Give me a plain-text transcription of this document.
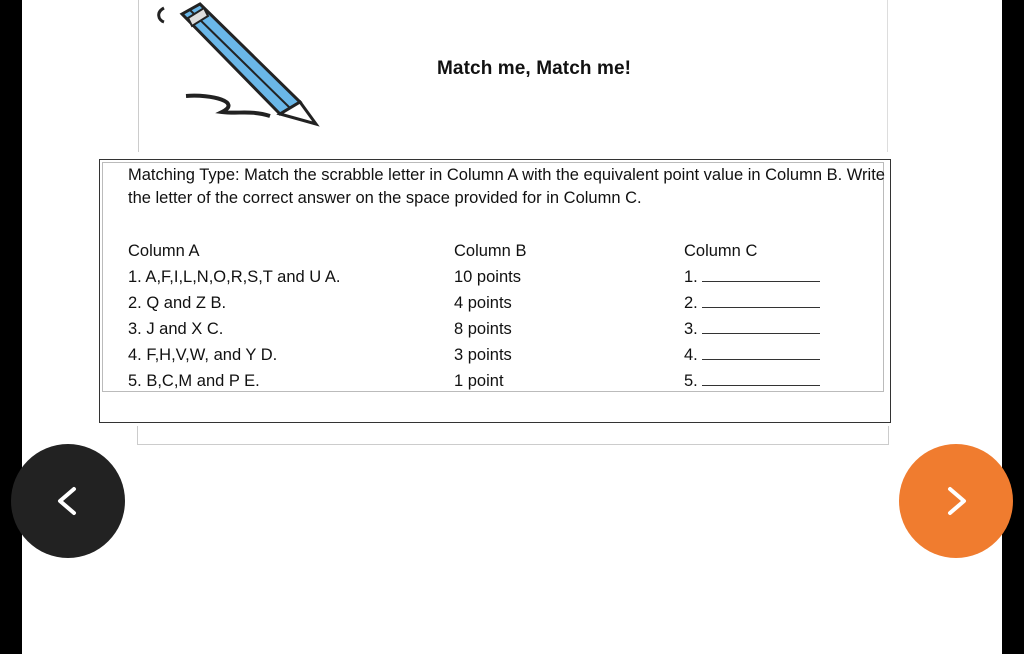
Match me, Match me!
Matching Type: Match the scrabble letter in Column A with the equivalent point value in Column B. Write the letter of the correct answer on the space provided for in Column C.
Column A
1. A,F,I,L,N,O,R,S,T and U A.
2. Q and Z B.
3. J and X C.
4. F,H,V,W, and Y D.
5. B,C,M and P E.
Column B
10 points
4 points
8 points
3 points
1 point
Column C
1.
2.
3.
4.
5.
